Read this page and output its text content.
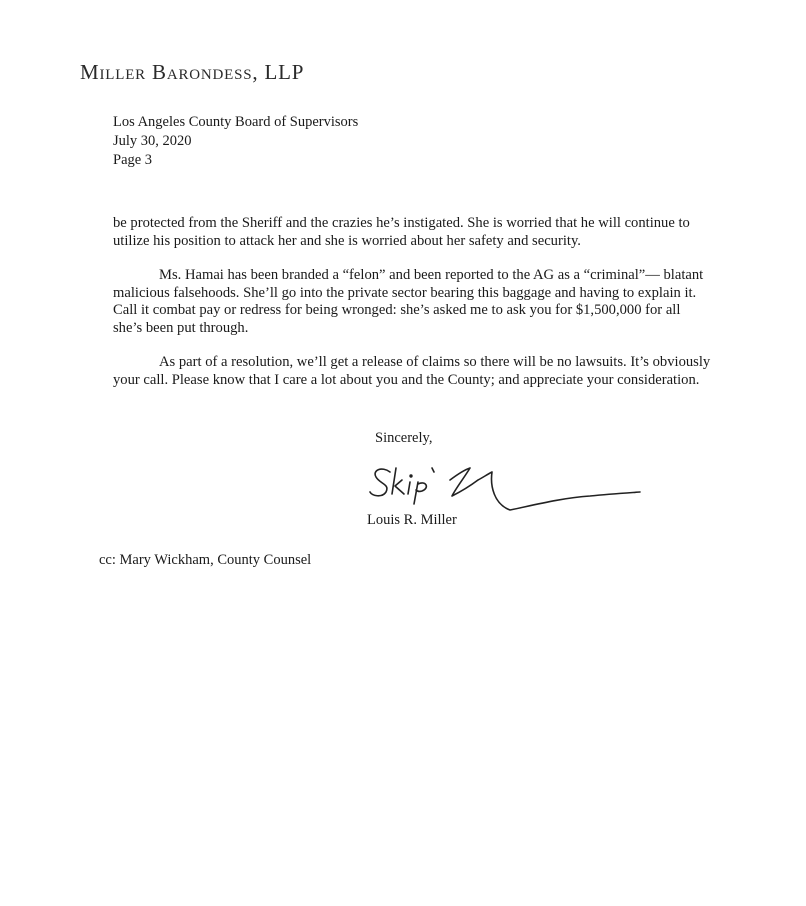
Miller Barondess, LLP
Los Angeles County Board of Supervisors
July 30, 2020
Page 3

be protected from the Sheriff and the crazies he’s instigated. She is worried that he will continue to utilize his position to attack her and she is worried about her safety and security.

Ms. Hamai has been branded a “felon” and been reported to the AG as a “criminal”— blatant malicious falsehoods. She’ll go into the private sector bearing this baggage and having to explain it. Call it combat pay or redress for being wronged: she’s asked me to ask you for $1,500,000 for all she’s been put through.

As part of a resolution, we’ll get a release of claims so there will be no lawsuits. It’s obviously your call. Please know that I care a lot about you and the County; and appreciate your consideration.

Sincerely,
Louis R. Miller
cc: Mary Wickham, County Counsel
